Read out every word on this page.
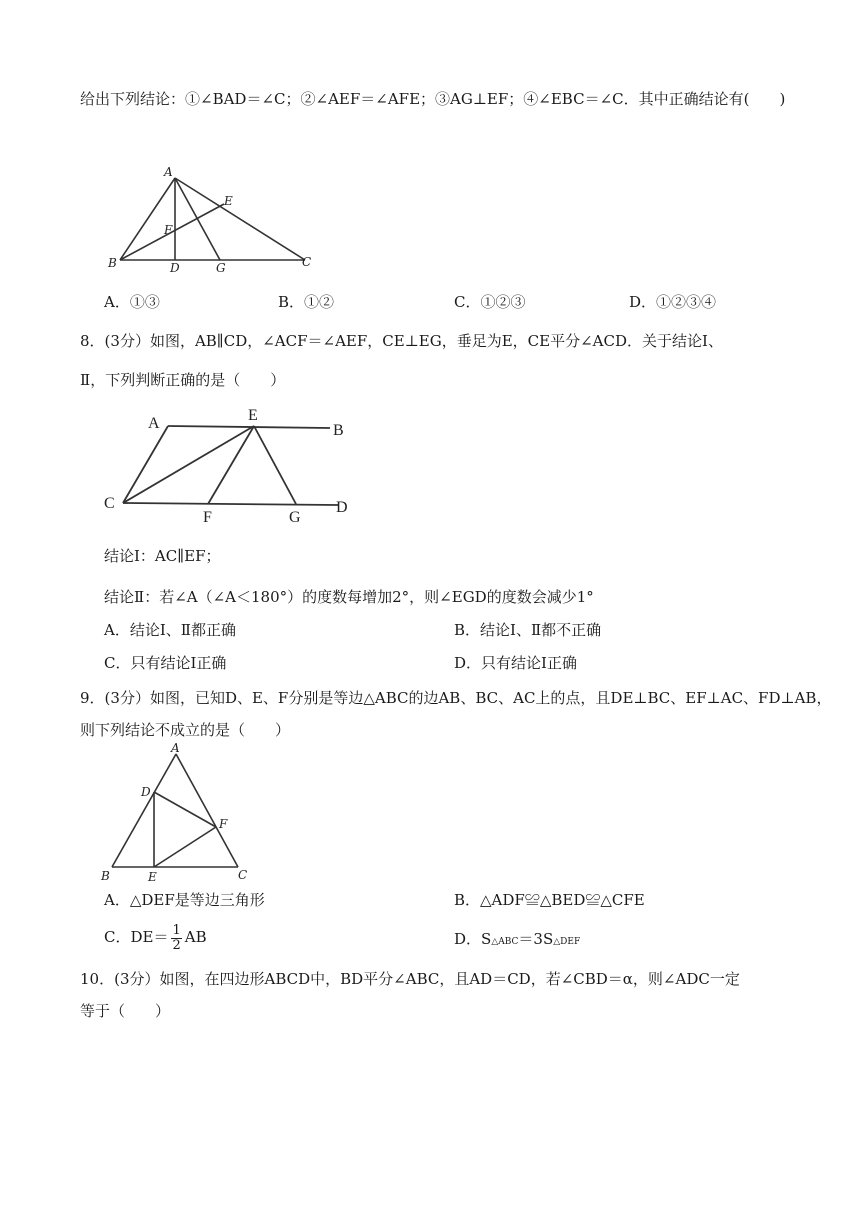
给出下列结论：①∠BAD＝∠C；②∠AEF＝∠AFE；③AG⊥EF；④∠EBC＝∠C．其中正确结论有(　　)
A
E
F
B	D	G	C
A．①③	B．①②	C．①②③	D．①②③④
8．(3分）如图，AB∥CD，∠ACF＝∠AEF，CE⊥EG，垂足为E，CE平分∠ACD．关于结论Ⅰ、
Ⅱ，下列判断正确的是（　　）
A	E
B
C
F	G
D
结论Ⅰ：AC∥EF；
结论Ⅱ：若∠A（∠A＜180°）的度数每增加2°，则∠EGD的度数会减少1°
A．结论Ⅰ、Ⅱ都正确	B．结论Ⅰ、Ⅱ都不正确
C．只有结论Ⅰ正确	D．只有结论Ⅰ正确
9．(3分）如图，已知D、E、F分别是等边△ABC的边AB、BC、AC上的点，且DE⊥BC、EF⊥AC、FD⊥AB，
则下列结论不成立的是（　　）
A
D
F
B	E	C
A．△DEF是等边三角形	B．△ADF≌△BED≌△CFE
C．$DE= \frac{1}{2}$ AB	D．S△ABC＝3S△DEF
10．(3分）如图，在四边形ABCD中，BD平分∠ABC，且AD＝CD，若∠CBD＝α，则∠ADC一定
等于（　　）
